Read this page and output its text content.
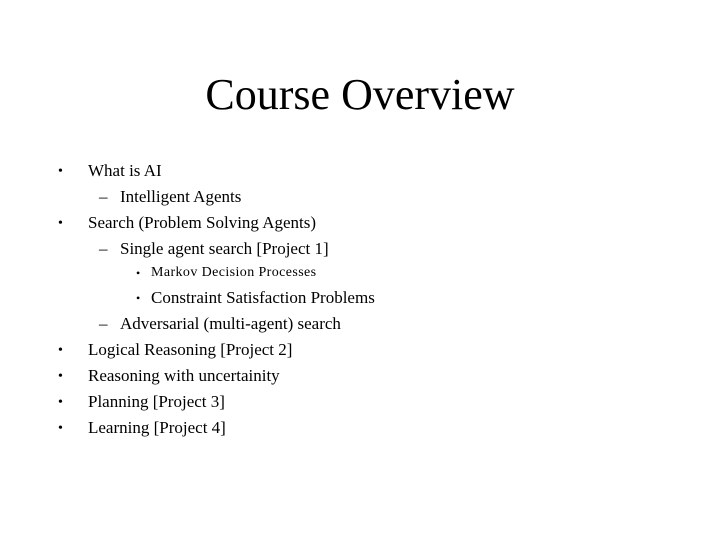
Course Overview
• What is AI
– Intelligent Agents
• Search (Problem Solving Agents)
– Single agent search [Project 1]
• Markov Decision Processes
• Constraint Satisfaction Problems
– Adversarial (multi-agent) search
• Logical Reasoning [Project 2]
• Reasoning with uncertainity
• Planning [Project 3]
• Learning [Project 4]
